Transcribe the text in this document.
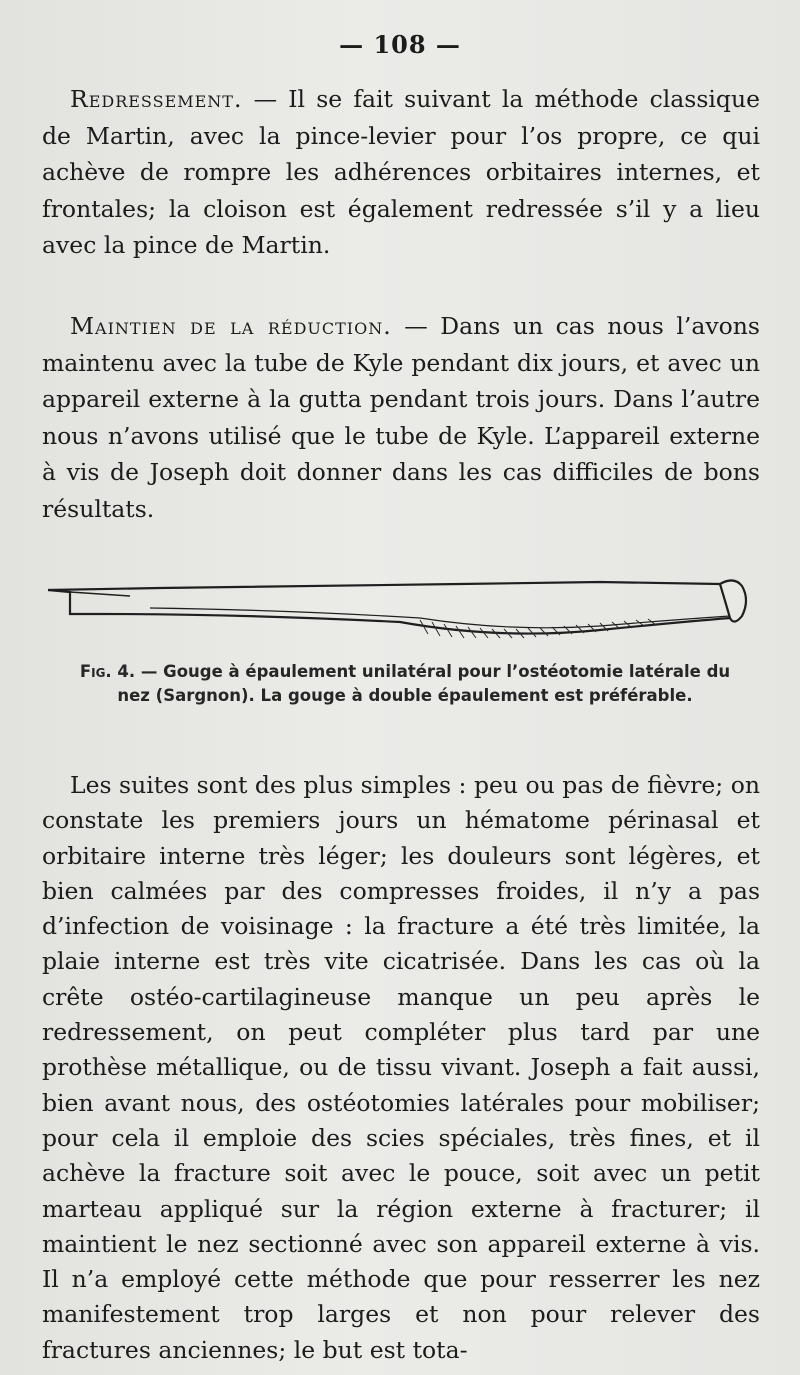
— 108 —

Redressement. — Il se fait suivant la méthode classique de Martin, avec la pince-levier pour l’os propre, ce qui achève de rompre les adhérences orbitaires internes, et frontales; la cloison est également redressée s’il y a lieu avec la pince de Martin.

Maintien de la réduction. — Dans un cas nous l’avons maintenu avec la tube de Kyle pendant dix jours, et avec un appareil externe à la gutta pendant trois jours. Dans l’autre nous n’avons utilisé que le tube de Kyle. L’appareil externe à vis de Joseph doit donner dans les cas difficiles de bons résultats.

Fig. 4. — Gouge à épaulement unilatéral pour l’ostéotomie latérale du nez (Sargnon). La gouge à double épaulement est préférable.

Les suites sont des plus simples : peu ou pas de fièvre; on constate les premiers jours un hématome périnasal et orbitaire interne très léger; les douleurs sont légères, et bien calmées par des compresses froides, il n’y a pas d’infection de voisinage : la fracture a été très limitée, la plaie interne est très vite cicatrisée. Dans les cas où la crête ostéo-cartilagineuse manque un peu après le redressement, on peut compléter plus tard par une prothèse métallique, ou de tissu vivant. Joseph a fait aussi, bien avant nous, des ostéotomies latérales pour mobiliser; pour cela il emploie des scies spéciales, très fines, et il achève la fracture soit avec le pouce, soit avec un petit marteau appliqué sur la région externe à fracturer; il maintient le nez sectionné avec son appareil externe à vis. Il n’a employé cette méthode que pour resserrer les nez manifestement trop larges et non pour relever des fractures anciennes; le but est tota-
